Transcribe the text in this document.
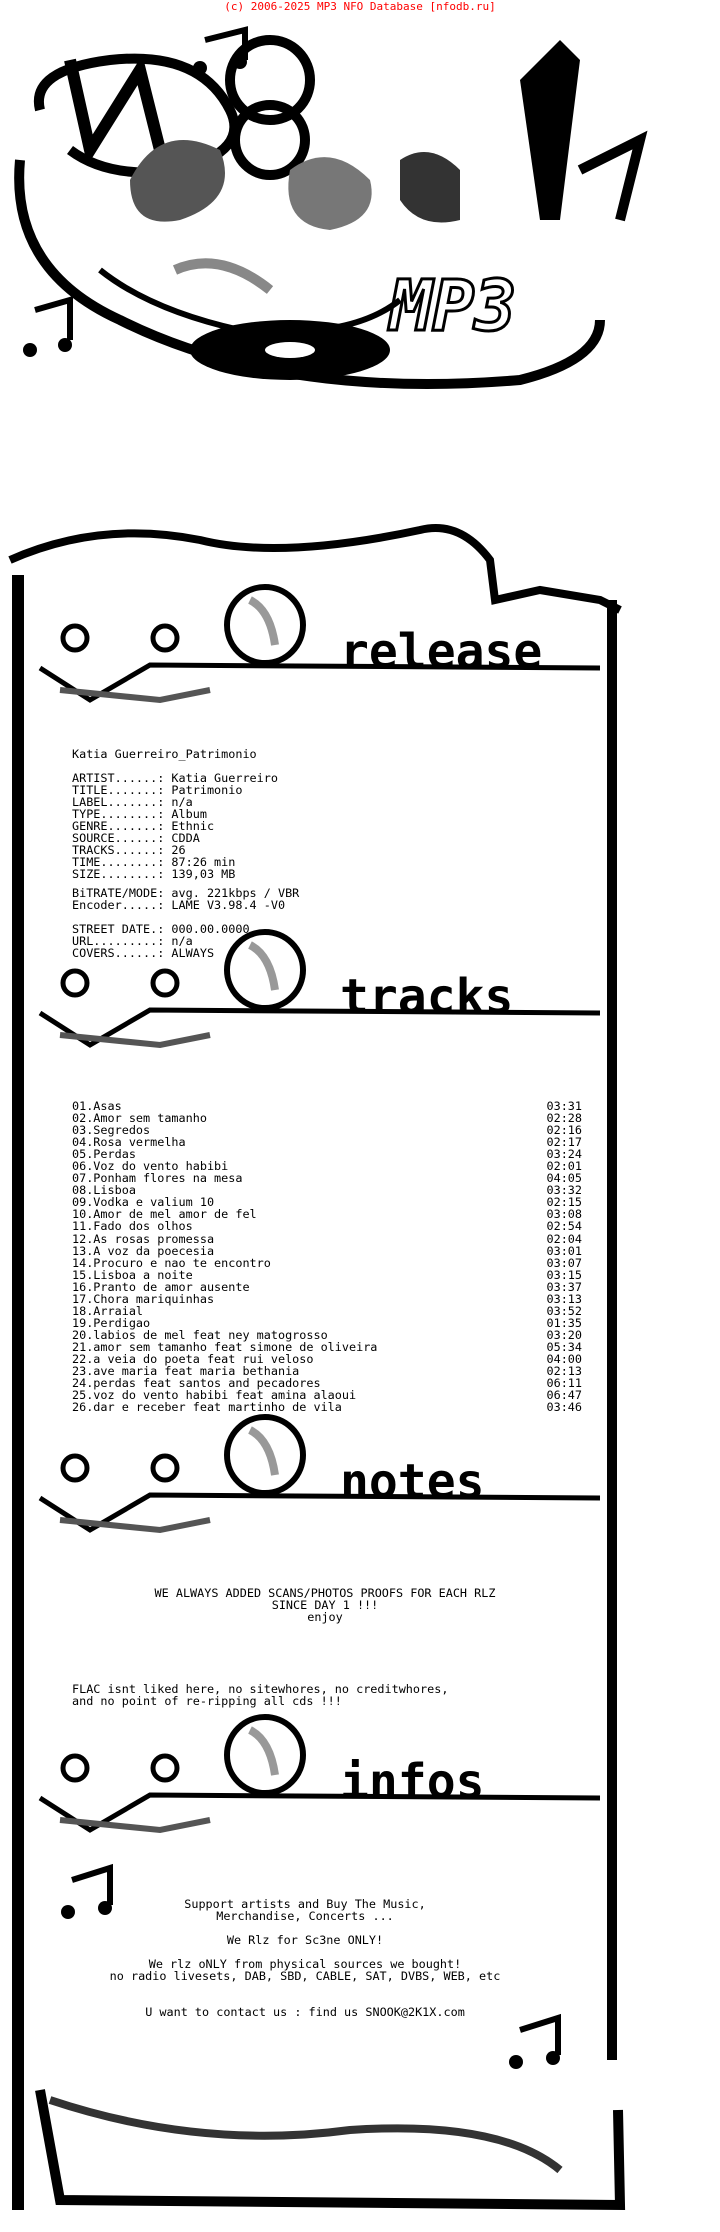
(c) 2006-2025 MP3 NFO Database [nfodb.ru]
MP3
release
tracks
notes
infos
Katia Guerreiro_Patrimonio
ARTIST......: Katia Guerreiro
TITLE.......: Patrimonio
LABEL.......: n/a
TYPE........: Album
GENRE.......: Ethnic
SOURCE......: CDDA
TRACKS......: 26
TIME........: 87:26 min
SIZE........: 139,03 MB
BiTRATE/MODE: avg. 221kbps / VBR
Encoder.....: LAME V3.98.4 -V0
STREET DATE.: 000.00.0000
URL.........: n/a
COVERS......: ALWAYS
01.Asas	03:31
02.Amor sem tamanho	02:28
03.Segredos	02:16
04.Rosa vermelha	02:17
05.Perdas	03:24
06.Voz do vento habibi	02:01
07.Ponham flores na mesa	04:05
08.Lisboa	03:32
09.Vodka e valium 10	02:15
10.Amor de mel amor de fel	03:08
11.Fado dos olhos	02:54
12.As rosas promessa	02:04
13.A voz da poecesia	03:01
14.Procuro e nao te encontro	03:07
15.Lisboa a noite	03:15
16.Pranto de amor ausente	03:37
17.Chora mariquinhas	03:13
18.Arraial	03:52
19.Perdigao	01:35
20.labios de mel feat ney matogrosso	03:20
21.amor sem tamanho feat simone de oliveira	05:34
22.a veia do poeta feat rui veloso	04:00
23.ave maria feat maria bethania	02:13
24.perdas feat santos and pecadores	06:11
25.voz do vento habibi feat amina alaoui	06:47
26.dar e receber feat martinho de vila	03:46
WE ALWAYS ADDED SCANS/PHOTOS PROOFS FOR EACH RLZ
SINCE DAY 1 !!!
enjoy
FLAC isnt liked here, no sitewhores, no creditwhores,
and no point of re-ripping all cds !!!
Support artists and Buy The Music,
Merchandise, Concerts ...
We Rlz for Sc3ne ONLY!
We rlz oNLY from physical sources we bought!
no radio livesets, DAB, SBD, CABLE, SAT, DVBS, WEB, etc
U want to contact us : find us SNOOK@2K1X.com
